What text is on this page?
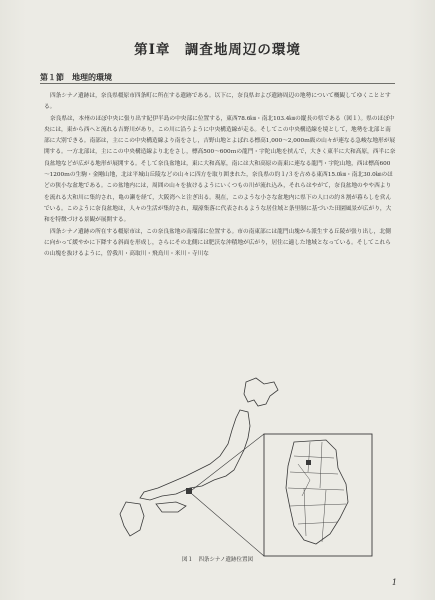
第Ⅰ章　調査地周辺の環境
第１節　地理的環境

四条シナノ遺跡は，奈良県橿原市四条町に所在する遺跡である。以下に，奈良県および遺跡周辺の地勢について概観してゆくこととする。

奈良県は，本州のほぼ中央に張り出す紀伊半島の中央部に位置する，東西78.6㎞・南北103.4㎞の縦長の県である（図１）。県のほぼ中央には，東から西へと流れる吉野川があり，この川に沿うように中央構造線が走る。そしてこの中央構造線を境として，地勢を北部と南部に大別できる。南部は，主にこの中央構造線より南をさし，吉野山地とよばれる標高1,000～2,000ｍ級の山々が連なる急峻な地形が展開する。一方北部は，主にこの中央構造線より北をさし，標高500～600ｍの龍門・宇陀山地を挟んで，大きく東半に大和高原，西半に奈良盆地などが広がる地形が展開する。そして奈良盆地は，東に大和高原，南には大和高原の南東に連なる龍門・宇陀山地，西は標高600～1200ｍの生駒・金剛山地，北は平城山丘陵などの山々に四方を取り囲まれた，奈良県の約１/３を占める東西15.0㎞・南北30.0㎞のほどの狭小な盆地である。この盆地内には，周囲の山々を抜けるようにいくつもの川が流れ込み，それらはやがて，奈良盆地のやや西よりを流れる大和川に集約され，亀の瀬を経て，大阪湾へと注ぎ出る。現在，このような小さな盆地内に県下の人口の約８割が暮らしを営んでいる。このように奈良盆地は，人々の生活が集約され，環濠集落に代表されるような居住域と条里制に基づいた田園風景が広がり，大和を特徴づける景観が展開する。

四条シナノ遺跡の所在する橿原市は，この奈良盆地の南端部に位置する。市の南東部には龍門山塊から派生する丘陵が張り出し，北側に向かって緩やかに下降する斜面を形成し，さらにその北側には肥沃な沖積地が広がり，居住に適した地域となっている。そしてこれらの山塊を抜けるように，曽我川・高取川・飛鳥川・米川・寺川な

図１　四条シナノ遺跡位置図
1
